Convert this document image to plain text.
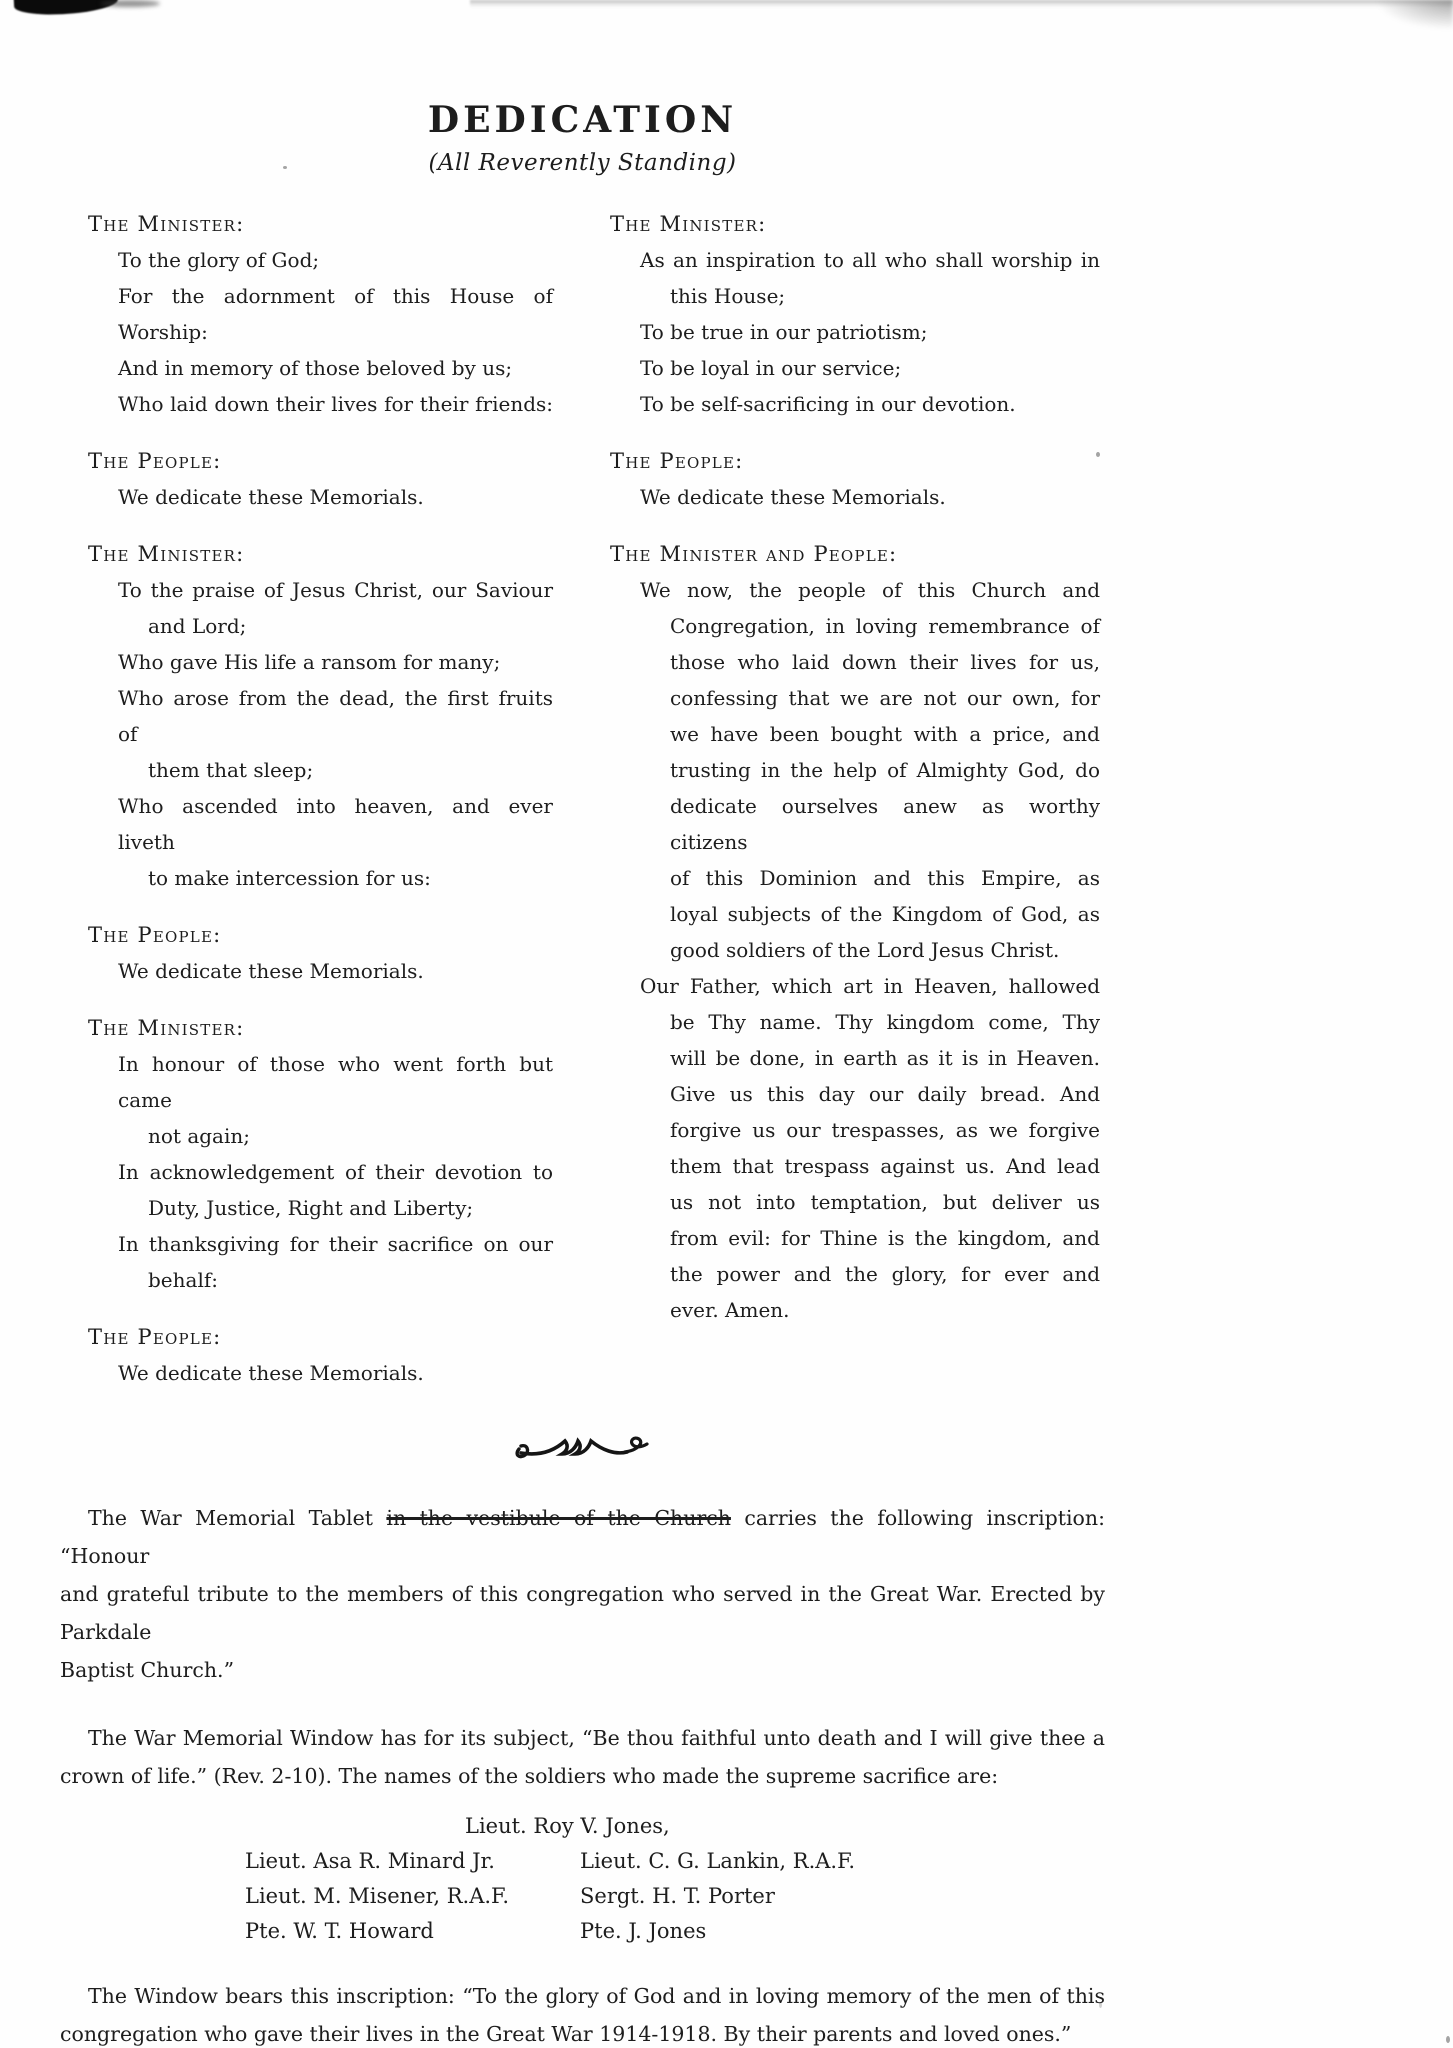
DEDICATION
(All Reverently Standing)
The Minister:
To the glory of God;
For the adornment of this House of Worship:
And in memory of those beloved by us;
Who laid down their lives for their friends:
The People:
We dedicate these Memorials.
The Minister:
To the praise of Jesus Christ, our Saviour
and Lord;
Who gave His life a ransom for many;
Who arose from the dead, the first fruits of
them that sleep;
Who ascended into heaven, and ever liveth
to make intercession for us:
The People:
We dedicate these Memorials.
The Minister:
In honour of those who went forth but came
not again;
In acknowledgement of their devotion to
Duty, Justice, Right and Liberty;
In thanksgiving for their sacrifice on our
behalf:
The People:
We dedicate these Memorials.
The Minister:
As an inspiration to all who shall worship in
this House;
To be true in our patriotism;
To be loyal in our service;
To be self-sacrificing in our devotion.
The People:
We dedicate these Memorials.
The Minister and People:
We now, the people of this Church and
Congregation, in loving remembrance of
those who laid down their lives for us,
confessing that we are not our own, for
we have been bought with a price, and
trusting in the help of Almighty God, do
dedicate ourselves anew as worthy citizens
of this Dominion and this Empire, as
loyal subjects of the Kingdom of God, as
good soldiers of the Lord Jesus Christ.
Our Father, which art in Heaven, hallowed
be Thy name. Thy kingdom come, Thy
will be done, in earth as it is in Heaven.
Give us this day our daily bread. And
forgive us our trespasses, as we forgive
them that trespass against us. And lead
us not into temptation, but deliver us
from evil: for Thine is the kingdom, and
the power and the glory, for ever and
ever. Amen.
The War Memorial Tablet in the vestibule of the Church carries the following inscription: “Honour
and grateful tribute to the members of this congregation who served in the Great War. Erected by Parkdale
Baptist Church.”
The War Memorial Window has for its subject, “Be thou faithful unto death and I will give thee a
crown of life.” (Rev. 2-10). The names of the soldiers who made the supreme sacrifice are:
Lieut. Roy V. Jones,
Lieut. Asa R. Minard Jr.
Lieut. M. Misener, R.A.F.
Pte. W. T. Howard
Lieut. C. G. Lankin, R.A.F.
Sergt. H. T. Porter
Pte. J. Jones
The Window bears this inscription: “To the glory of God and in loving memory of the men of this
congregation who gave their lives in the Great War 1914-1918. By their parents and loved ones.”
